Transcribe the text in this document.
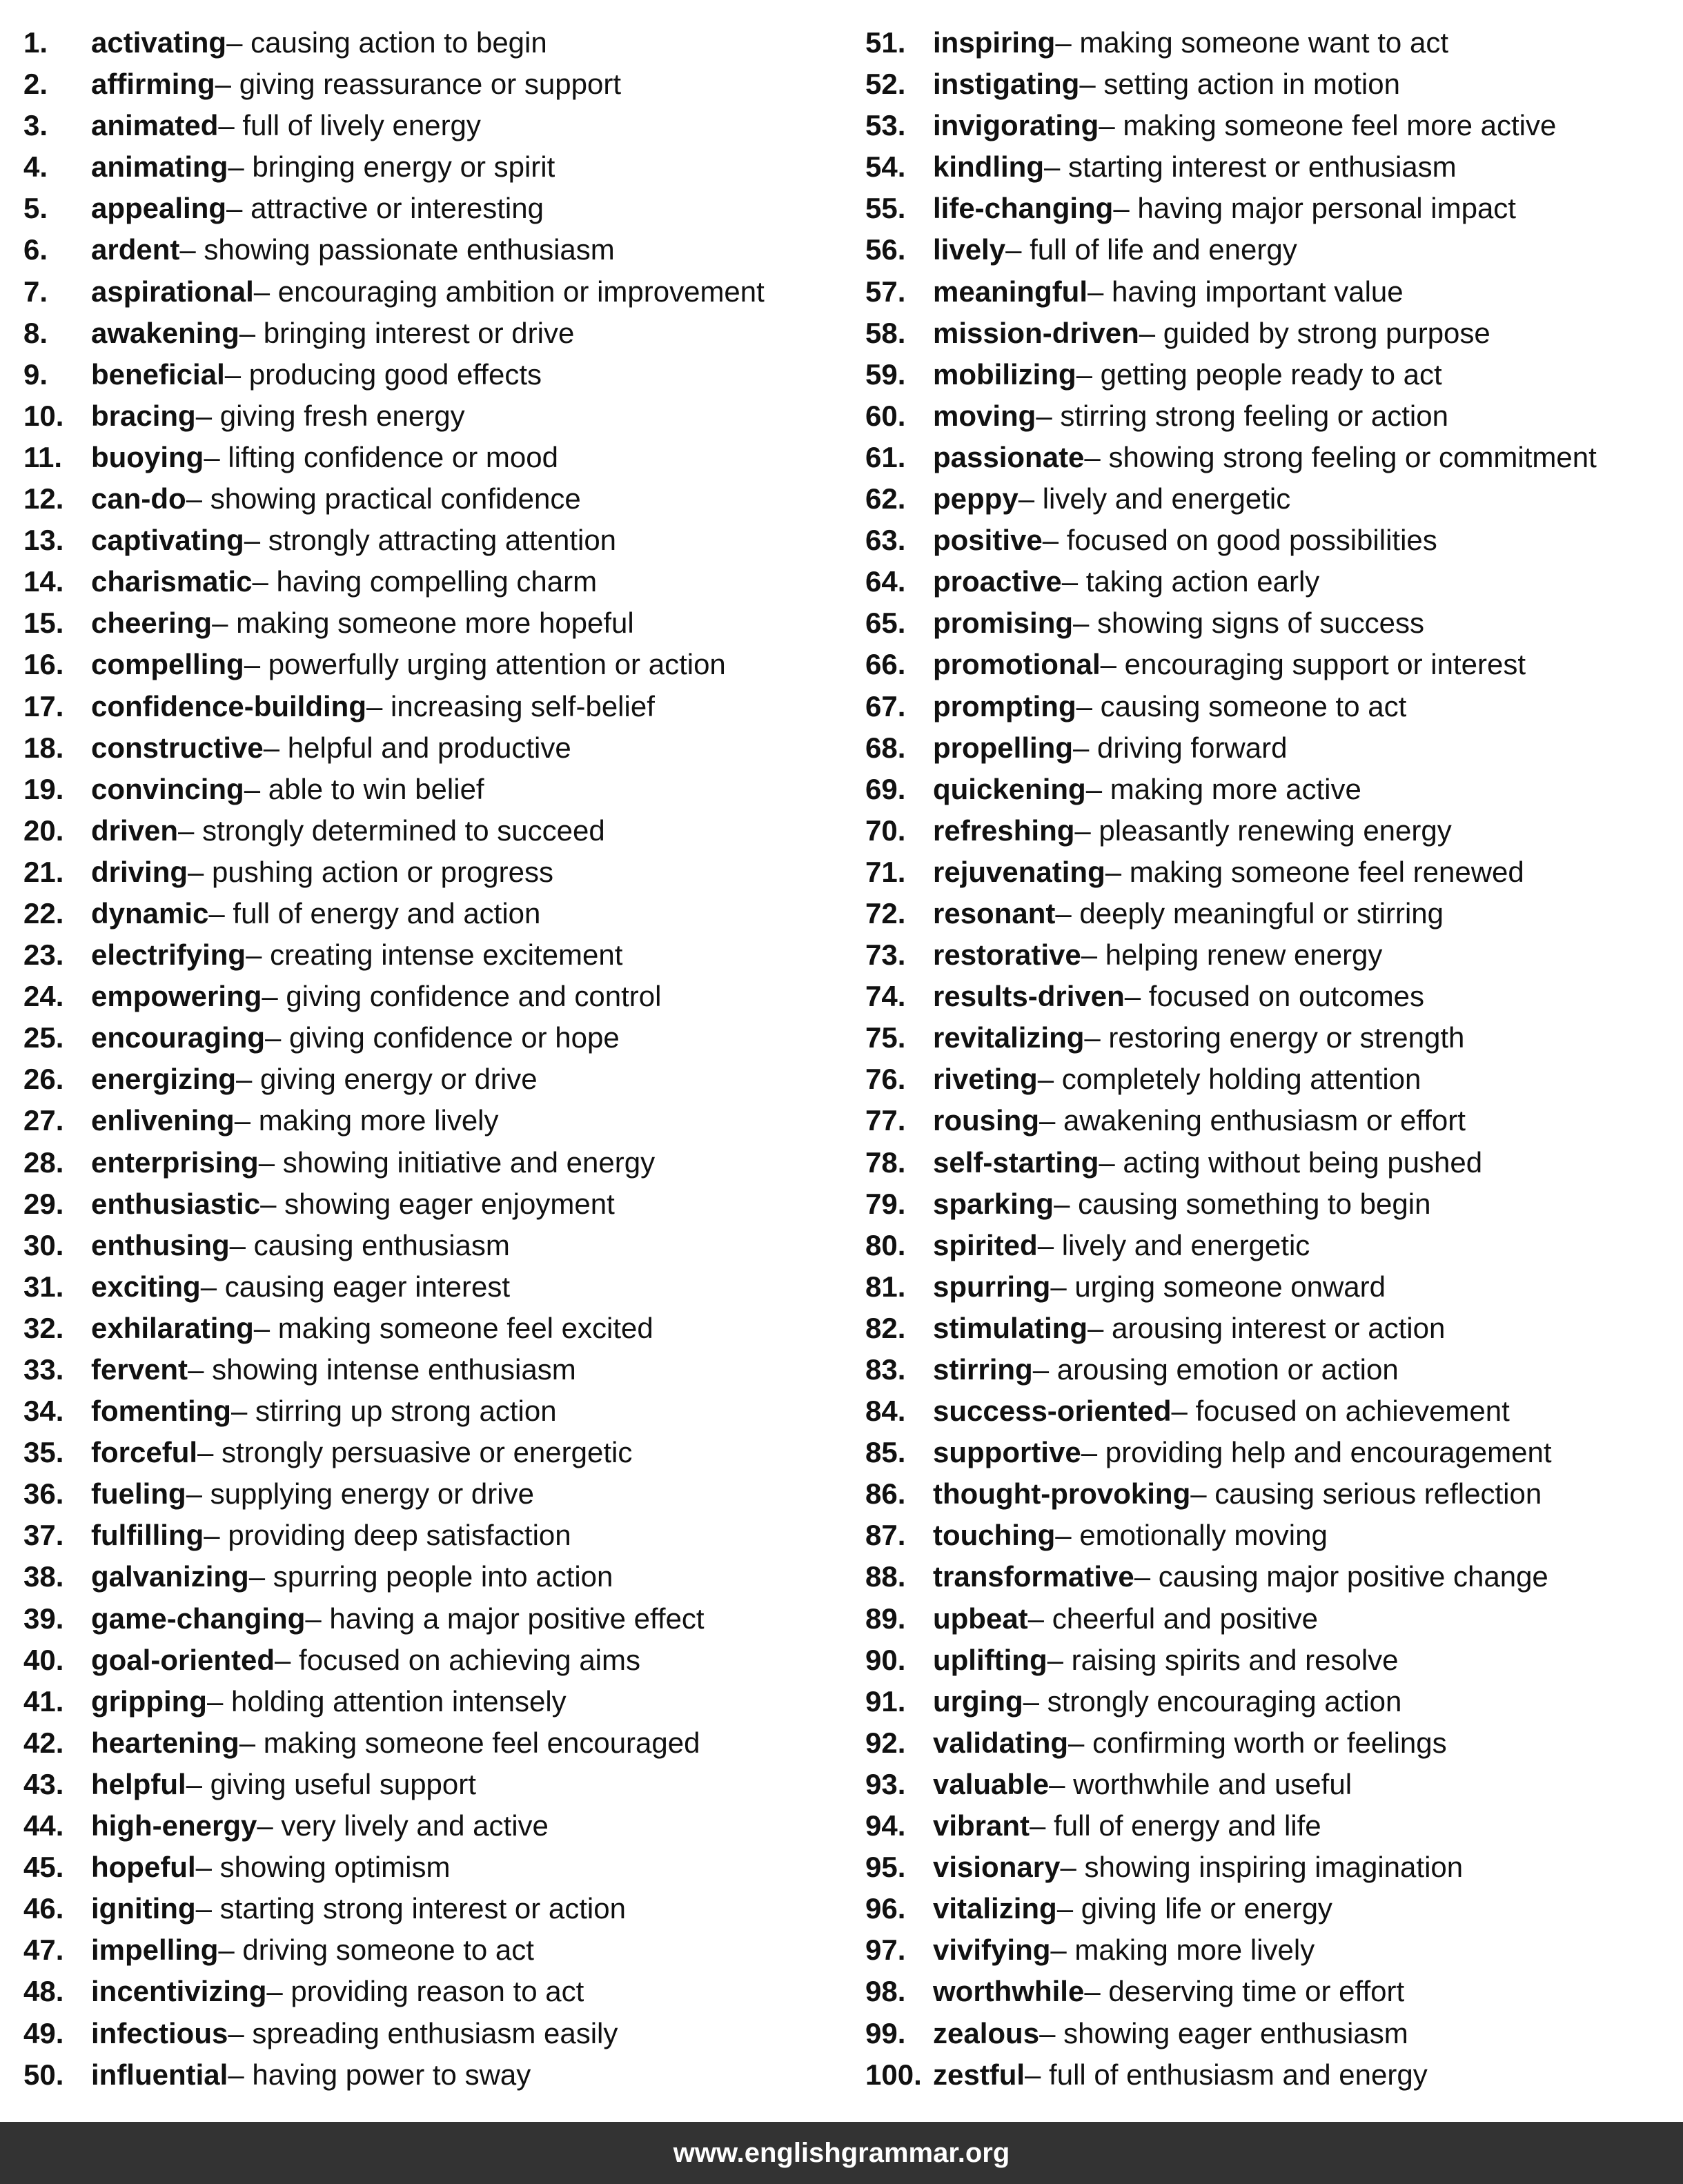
1.	activating – causing action to begin
2.	affirming – giving reassurance or support
3.	animated – full of lively energy
4.	animating – bringing energy or spirit
5.	appealing – attractive or interesting
6.	ardent – showing passionate enthusiasm
7.	aspirational – encouraging ambition or improvement
8.	awakening – bringing interest or drive
9.	beneficial – producing good effects
10. bracing – giving fresh energy
11. buoying – lifting confidence or mood
12. can-do – showing practical confidence
13. captivating – strongly attracting attention
14. charismatic – having compelling charm
15. cheering – making someone more hopeful
16. compelling – powerfully urging attention or action
17. confidence-building – increasing self-belief
18. constructive – helpful and productive
19. convincing – able to win belief
20. driven – strongly determined to succeed
21. driving – pushing action or progress
22. dynamic – full of energy and action
23. electrifying – creating intense excitement
24. empowering – giving confidence and control
25. encouraging – giving confidence or hope
26. energizing – giving energy or drive
27. enlivening – making more lively
28. enterprising – showing initiative and energy
29. enthusiastic – showing eager enjoyment
30. enthusing – causing enthusiasm
31. exciting – causing eager interest
32. exhilarating – making someone feel excited
33. fervent – showing intense enthusiasm
34. fomenting – stirring up strong action
35. forceful – strongly persuasive or energetic
36. fueling – supplying energy or drive
37. fulfilling – providing deep satisfaction
38. galvanizing – spurring people into action
39. game-changing – having a major positive effect
40. goal-oriented – focused on achieving aims
41. gripping – holding attention intensely
42. heartening – making someone feel encouraged
43. helpful – giving useful support
44. high-energy – very lively and active
45. hopeful – showing optimism
46. igniting – starting strong interest or action
47. impelling – driving someone to act
48. incentivizing – providing reason to act
49. infectious – spreading enthusiasm easily
50. influential – having power to sway
51. inspiring – making someone want to act
52. instigating – setting action in motion
53. invigorating – making someone feel more active
54. kindling – starting interest or enthusiasm
55. life-changing – having major personal impact
56. lively – full of life and energy
57. meaningful – having important value
58. mission-driven – guided by strong purpose
59. mobilizing – getting people ready to act
60. moving – stirring strong feeling or action
61. passionate – showing strong feeling or commitment
62. peppy – lively and energetic
63. positive – focused on good possibilities
64. proactive – taking action early
65. promising – showing signs of success
66. promotional – encouraging support or interest
67. prompting – causing someone to act
68. propelling – driving forward
69. quickening – making more active
70. refreshing – pleasantly renewing energy
71. rejuvenating – making someone feel renewed
72. resonant – deeply meaningful or stirring
73. restorative – helping renew energy
74. results-driven – focused on outcomes
75. revitalizing – restoring energy or strength
76. riveting – completely holding attention
77. rousing – awakening enthusiasm or effort
78. self-starting – acting without being pushed
79. sparking – causing something to begin
80. spirited – lively and energetic
81. spurring – urging someone onward
82. stimulating – arousing interest or action
83. stirring – arousing emotion or action
84. success-oriented – focused on achievement
85. supportive – providing help and encouragement
86. thought-provoking – causing serious reflection
87. touching – emotionally moving
88. transformative – causing major positive change
89. upbeat – cheerful and positive
90. uplifting – raising spirits and resolve
91. urging – strongly encouraging action
92. validating – confirming worth or feelings
93. valuable – worthwhile and useful
94. vibrant – full of energy and life
95. visionary – showing inspiring imagination
96. vitalizing – giving life or energy
97. vivifying – making more lively
98. worthwhile – deserving time or effort
99. zealous – showing eager enthusiasm
100. zestful – full of enthusiasm and energy
www.englishgrammar.org
